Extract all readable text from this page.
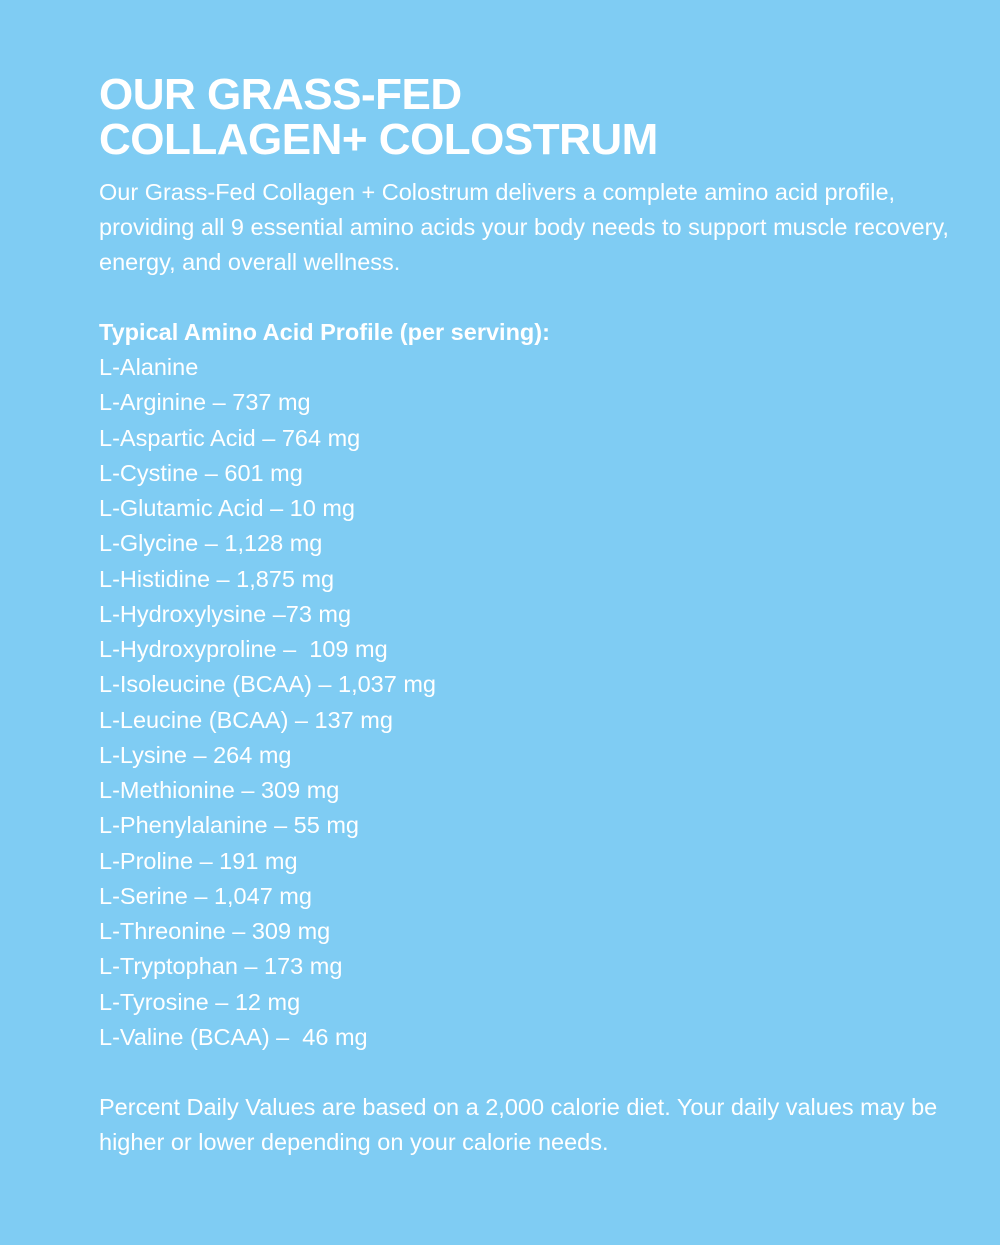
OUR GRASS-FED
COLLAGEN+ COLOSTRUM

Our Grass-Fed Collagen + Colostrum delivers a complete amino acid profile, providing all 9 essential amino acids your body needs to support muscle recovery, energy, and overall wellness.

Typical Amino Acid Profile (per serving):

L-Alanine
L-Arginine – 737 mg
L-Aspartic Acid – 764 mg
L-Cystine – 601 mg
L-Glutamic Acid – 10 mg
L-Glycine – 1,128 mg
L-Histidine – 1,875 mg
L-Hydroxylysine –73 mg
L-Hydroxyproline –  109 mg
L-Isoleucine (BCAA) – 1,037 mg
L-Leucine (BCAA) – 137 mg
L-Lysine – 264 mg
L-Methionine – 309 mg
L-Phenylalanine – 55 mg
L-Proline – 191 mg
L-Serine – 1,047 mg
L-Threonine – 309 mg
L-Tryptophan – 173 mg
L-Tyrosine – 12 mg
L-Valine (BCAA) –  46 mg

Percent Daily Values are based on a 2,000 calorie diet. Your daily values may be higher or lower depending on your calorie needs.
